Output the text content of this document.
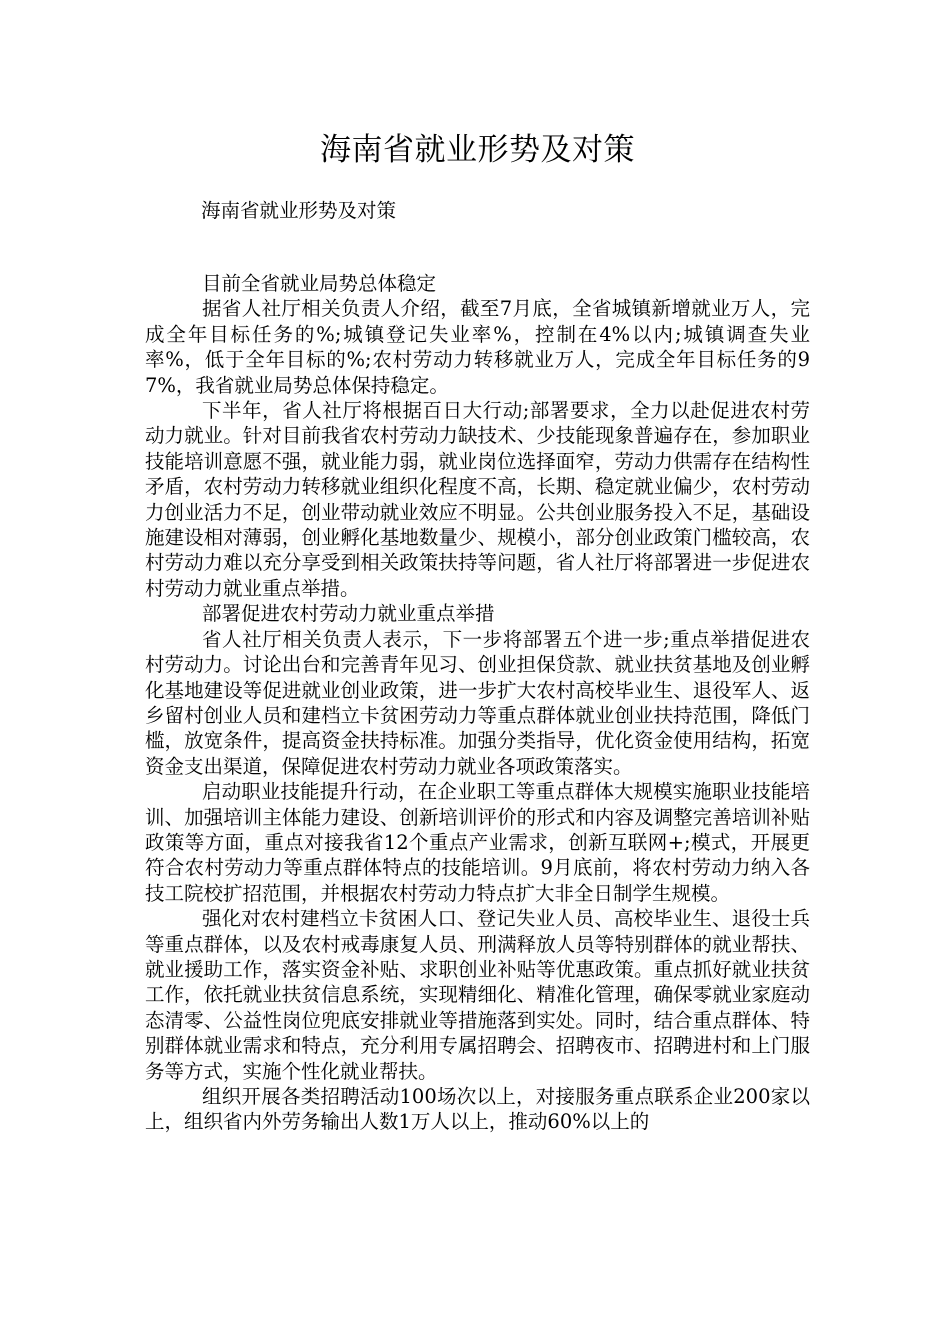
海南省就业形势及对策

海南省就业形势及对策

目前全省就业局势总体稳定

据省人社厅相关负责人介绍，截至7月底，全省城镇新增就业万人，完成全年目标任务的%;城镇登记失业率%，控制在4%以内;城镇调查失业率%，低于全年目标的%;农村劳动力转移就业万人，完成全年目标任务的97%，我省就业局势总体保持稳定。

下半年，省人社厅将根据百日大行动;部署要求，全力以赴促进农村劳动力就业。针对目前我省农村劳动力缺技术、少技能现象普遍存在，参加职业技能培训意愿不强，就业能力弱，就业岗位选择面窄，劳动力供需存在结构性矛盾，农村劳动力转移就业组织化程度不高，长期、稳定就业偏少，农村劳动力创业活力不足，创业带动就业效应不明显。公共创业服务投入不足，基础设施建设相对薄弱，创业孵化基地数量少、规模小，部分创业政策门槛较高，农村劳动力难以充分享受到相关政策扶持等问题，省人社厅将部署进一步促进农村劳动力就业重点举措。

部署促进农村劳动力就业重点举措

省人社厅相关负责人表示，下一步将部署五个进一步;重点举措促进农村劳动力。讨论出台和完善青年见习、创业担保贷款、就业扶贫基地及创业孵化基地建设等促进就业创业政策，进一步扩大农村高校毕业生、退役军人、返乡留村创业人员和建档立卡贫困劳动力等重点群体就业创业扶持范围，降低门槛，放宽条件，提高资金扶持标准。加强分类指导，优化资金使用结构，拓宽资金支出渠道，保障促进农村劳动力就业各项政策落实。

启动职业技能提升行动，在企业职工等重点群体大规模实施职业技能培训、加强培训主体能力建设、创新培训评价的形式和内容及调整完善培训补贴政策等方面，重点对接我省12个重点产业需求，创新互联网+;模式，开展更符合农村劳动力等重点群体特点的技能培训。9月底前，将农村劳动力纳入各技工院校扩招范围，并根据农村劳动力特点扩大非全日制学生规模。

强化对农村建档立卡贫困人口、登记失业人员、高校毕业生、退役士兵等重点群体，以及农村戒毒康复人员、刑满释放人员等特别群体的就业帮扶、就业援助工作，落实资金补贴、求职创业补贴等优惠政策。重点抓好就业扶贫工作，依托就业扶贫信息系统，实现精细化、精准化管理，确保零就业家庭动态清零、公益性岗位兜底安排就业等措施落到实处。同时，结合重点群体、特别群体就业需求和特点，充分利用专属招聘会、招聘夜市、招聘进村和上门服务等方式，实施个性化就业帮扶。

组织开展各类招聘活动100场次以上，对接服务重点联系企业200家以上，组织省内外劳务输出人数1万人以上，推动60%以上的
